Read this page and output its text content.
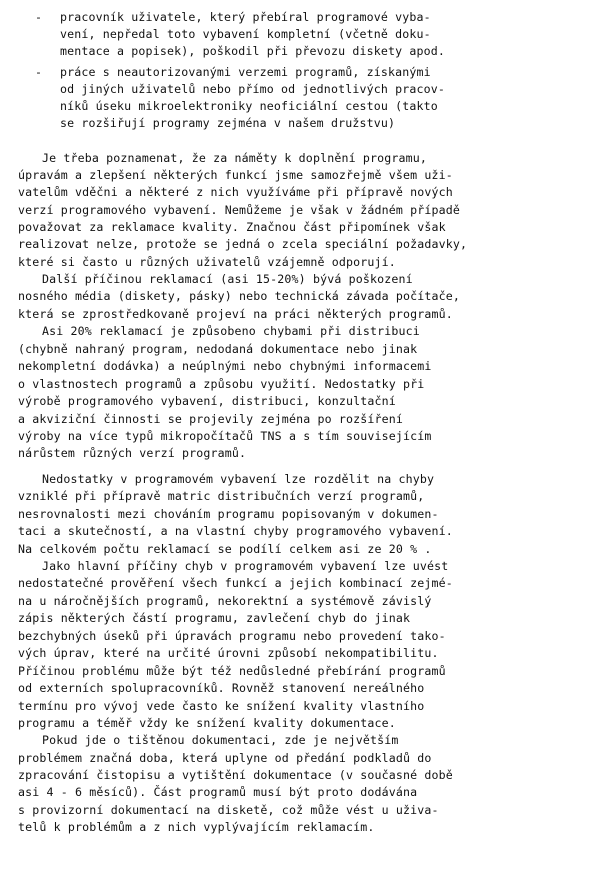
- pracovník uživatele, který přebíral programové vyba-
vení, nepředal toto vybavení kompletní (včetně doku-
mentace a popisek), poškodil při převozu diskety apod.
- práce s neautorizovanými verzemi programů, získanými
od jiných uživatelů nebo přímo od jednotlivých pracov-
níků úseku mikroelektroniky neoficiální cestou (takto
se rozšiřují programy zejména v našem družstvu)
Je třeba poznamenat, že za náměty k doplnění programu,
úpravám a zlepšení některých funkcí jsme samozřejmě všem uži-
vatelům vděčni a některé z nich využíváme při přípravě nových
verzí programového vybavení. Nemůžeme je však v žádném případě
považovat za reklamace kvality. Značnou část připomínek však
realizovat nelze, protože se jedná o zcela speciální požadavky,
které si často u různých uživatelů vzájemně odporují.
Další příčinou reklamací (asi 15-20%) bývá poškození
nosného média (diskety, pásky) nebo technická závada počítače,
která se zprostředkovaně projeví na práci některých programů.
Asi 20% reklamací je způsobeno chybami při distribuci
(chybně nahraný program, nedodaná dokumentace nebo jinak
nekompletní dodávka) a neúplnými nebo chybnými informacemi
o vlastnostech programů a způsobu využití. Nedostatky při
výrobě programového vybavení, distribuci, konzultační
a akviziční činnosti se projevily zejména po rozšíření
výroby na více typů mikropočítačů TNS a s tím souvisejícím
nárůstem různých verzí programů.
Nedostatky v programovém vybavení lze rozdělit na chyby
vzniklé při přípravě matric distribučních verzí programů,
nesrovnalosti mezi chováním programu popisovaným v dokumen-
taci a skutečností, a na vlastní chyby programového vybavení.
Na celkovém počtu reklamací se podílí celkem asi ze 20 % .
Jako hlavní příčiny chyb v programovém vybavení lze uvést
nedostatečné prověření všech funkcí a jejich kombinací zejmé-
na u náročnějších programů, nekorektní a systémově závislý
zápis některých částí programu, zavlečení chyb do jinak
bezchybných úseků při úpravách programu nebo provedení tako-
vých úprav, které na určité úrovni způsobí nekompatibilitu.
Příčinou problému může být též nedůsledné přebírání programů
od externích spolupracovníků. Rovněž stanovení nereálného
termínu pro vývoj vede často ke snížení kvality vlastního
programu a téměř vždy ke snížení kvality dokumentace.
Pokud jde o tištěnou dokumentaci, zde je největším
problémem značná doba, která uplyne od předání podkladů do
zpracování čistopisu a vytištění dokumentace (v současné době
asi 4 - 6 měsíců). Část programů musí být proto dodávána
s provizorní dokumentací na disketě, což může vést u uživa-
telů k problémům a z nich vyplývajícím reklamacím.
